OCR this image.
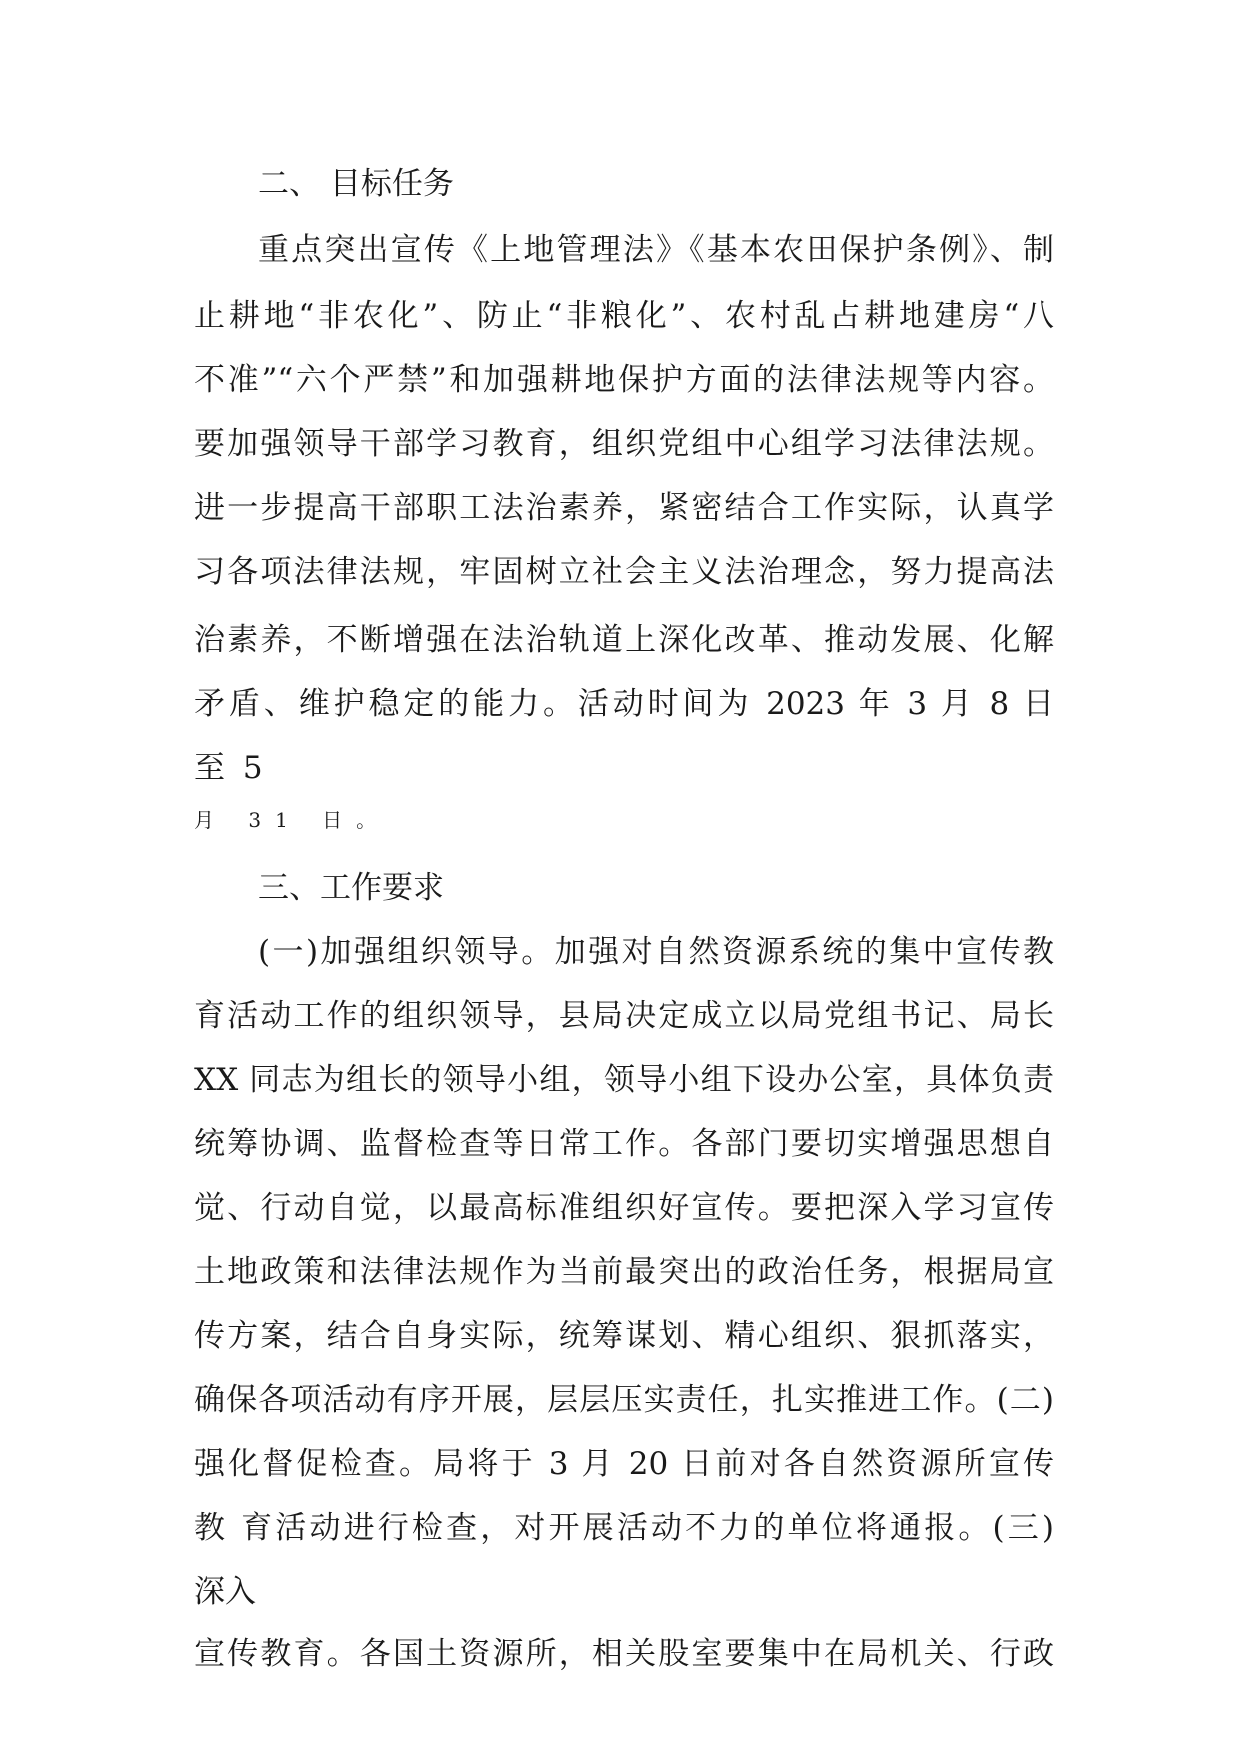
二、 目标任务
重点突出宣传《上地管理法》《基本农田保护条例》、制
止耕地“非农化”、防止“非粮化”、农村乱占耕地建房“八
不准”“六个严禁”和加强耕地保护方面的法律法规等内容。
要加强领导干部学习教育，组织党组中心组学习法律法规。
进一步提高干部职工法治素养，紧密结合工作实际，认真学
习各项法律法规，牢固树立社会主义法治理念，努力提高法
治素养，不断增强在法治轨道上深化改革、推动发展、化解
矛盾、维护稳定的能力。活动时间为 2023 年 3 月 8 日
至 5
月 31 日。
三、工作要求
(一)加强组织领导。加强对自然资源系统的集中宣传教
育活动工作的组织领导，县局决定成立以局党组书记、局长
XX 同志为组长的领导小组，领导小组下设办公室，具体负责
统筹协调、监督检查等日常工作。各部门要切实增强思想自
觉、行动自觉，以最高标准组织好宣传。要把深入学习宣传
土地政策和法律法规作为当前最突出的政治任务，根据局宣
传方案，结合自身实际，统筹谋划、精心组织、狠抓落实，
确保各项活动有序开展，层层压实责任，扎实推进工作。(二)
强化督促检查。局将于 3 月 20 日前对各自然资源所宣传
教 育活动进行检查，对开展活动不力的单位将通报。(三)
深入
宣传教育。各国土资源所，相关股室要集中在局机关、行政
